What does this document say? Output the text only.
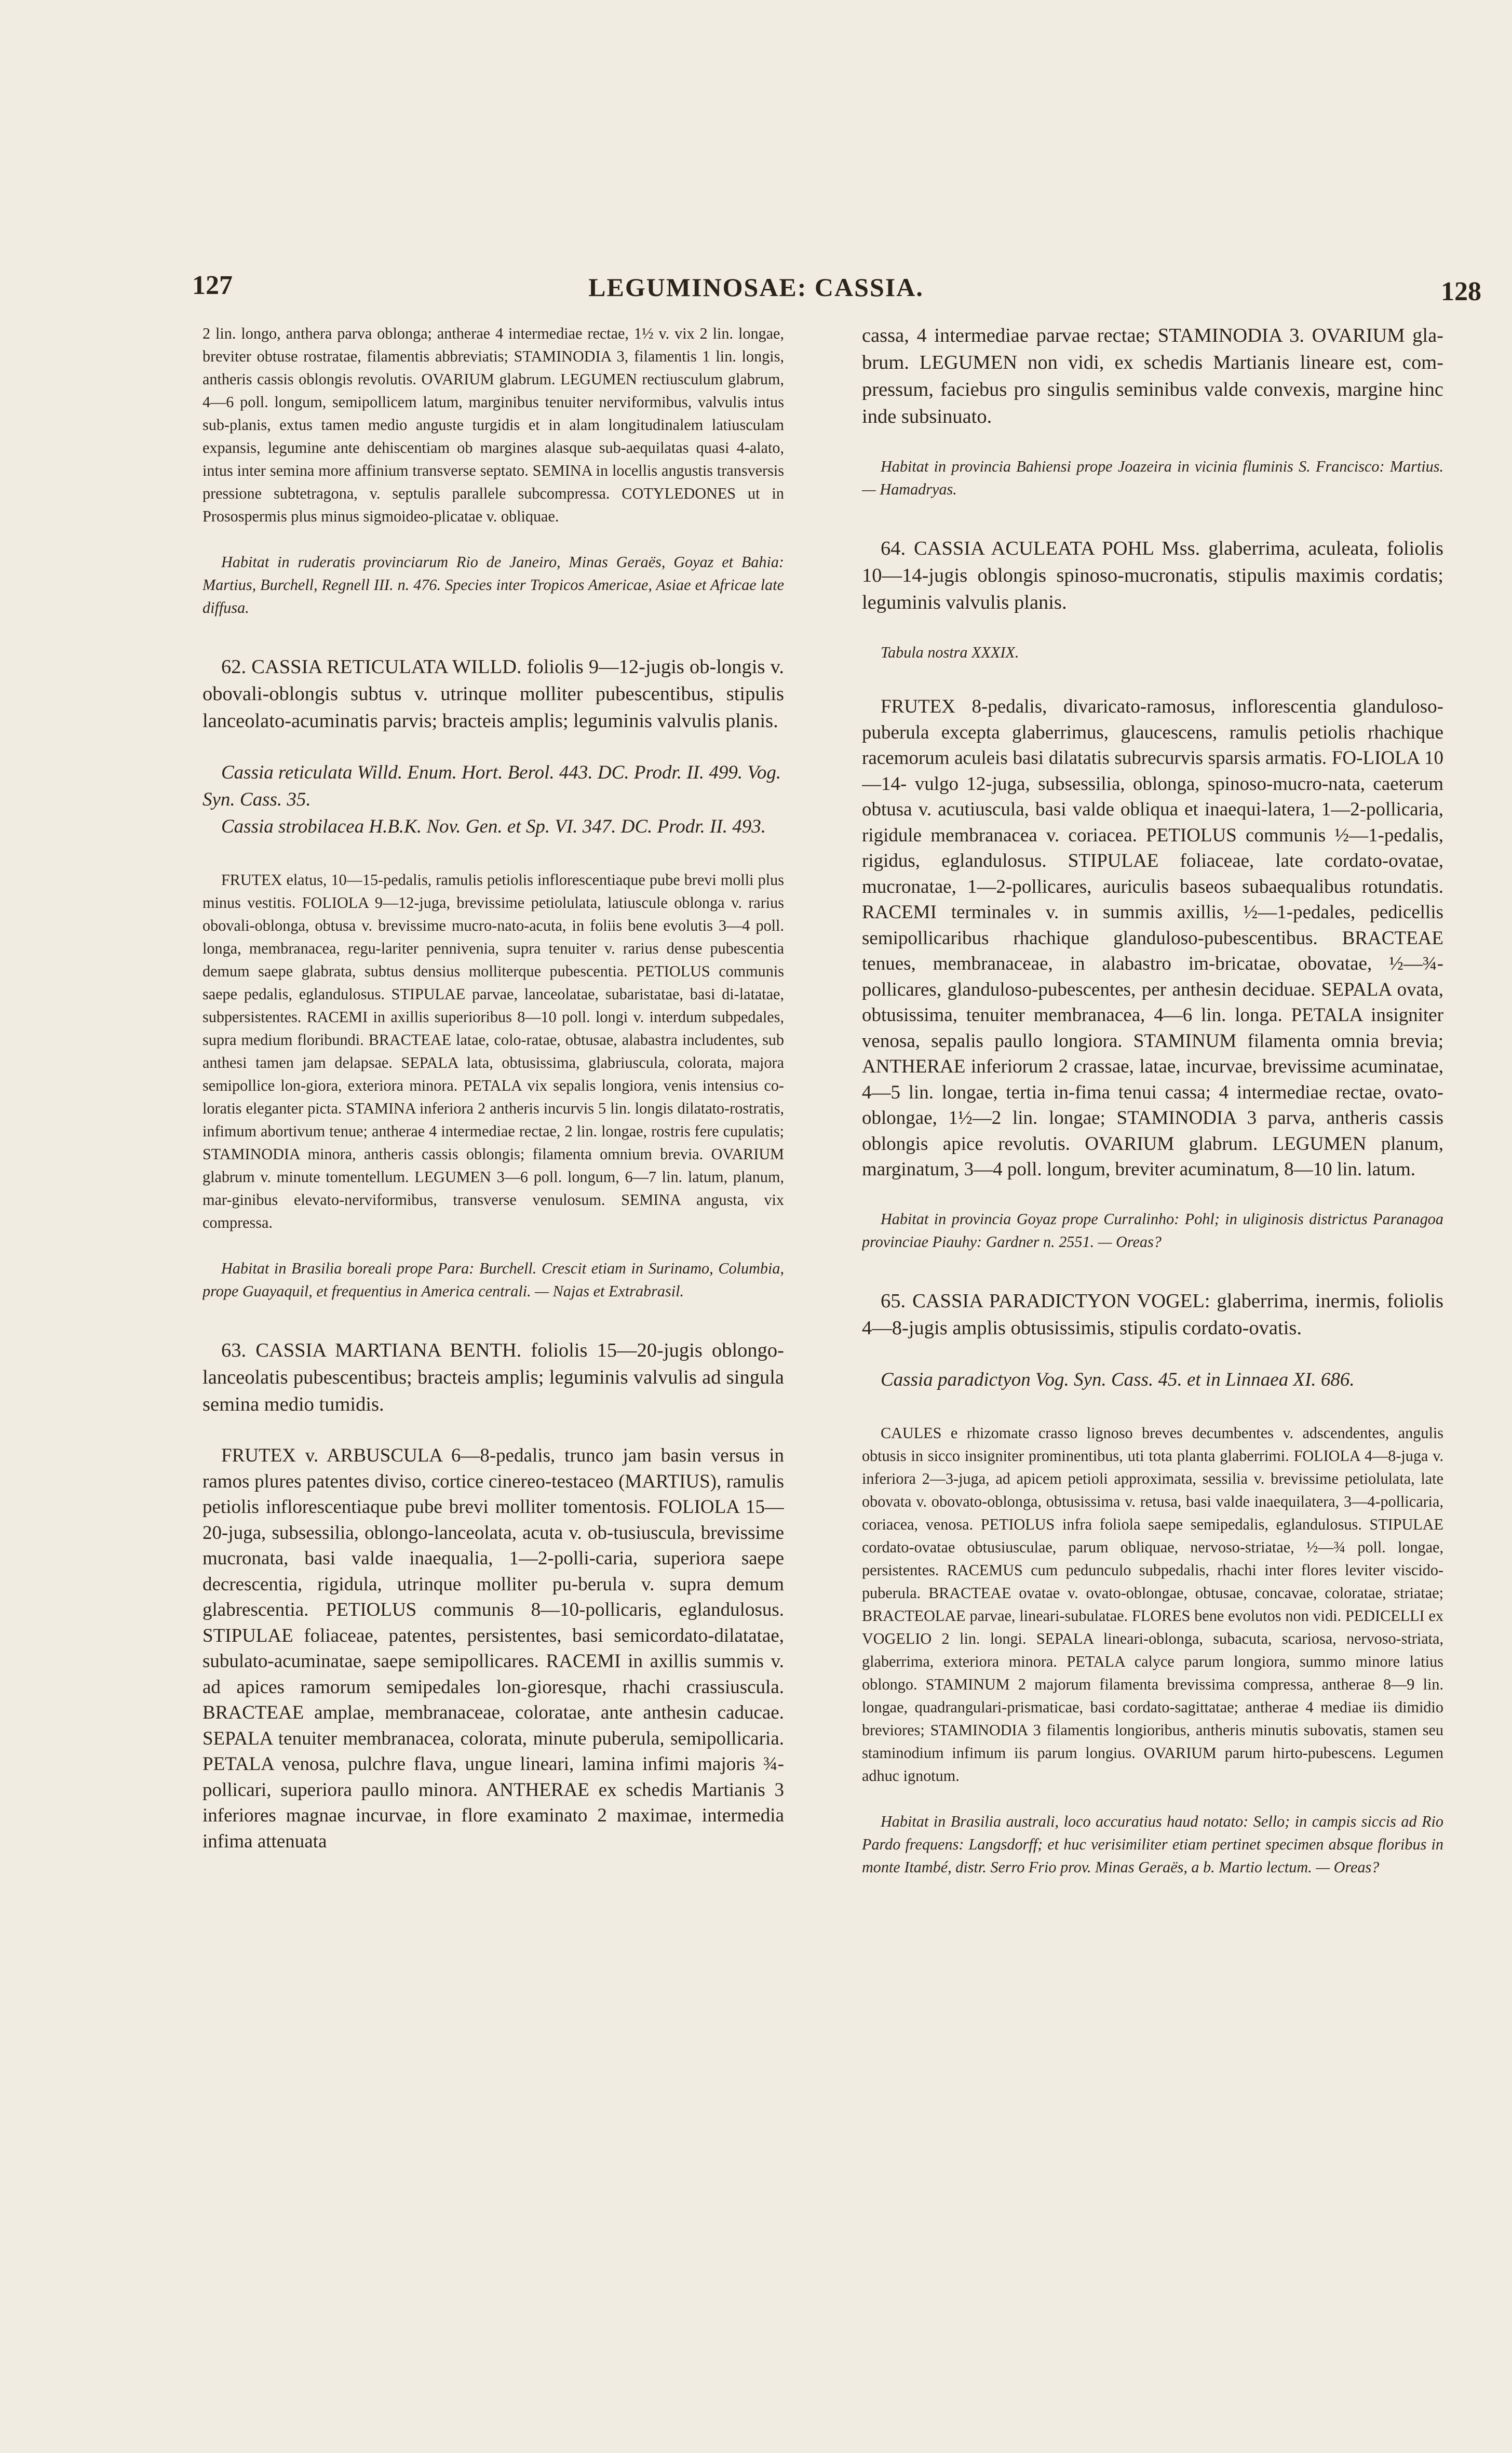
127	LEGUMINOSAE: CASSIA.	128

2 lin. longo, anthera parva oblonga; antherae 4 intermediae rectae, 1½ v. vix 2 lin. longae, breviter obtuse rostratae, filamentis abbreviatis; STAMINODIA 3, filamentis 1 lin. longis, antheris cassis oblongis revolutis. OVARIUM glabrum. LEGUMEN rectiusculum glabrum, 4—6 poll. longum, semipollicem latum, marginibus tenuiter nerviformibus, valvulis intus sub-planis, extus tamen medio anguste turgidis et in alam longitudinalem latiusculam expansis, legumine ante dehiscentiam ob margines alasque sub-aequilatas quasi 4-alato, intus inter semina more affinium transverse septato. SEMINA in locellis angustis transversis pressione subtetragona, v. septulis parallele subcompressa. COTYLEDONES ut in Prosospermis plus minus sigmoideo-plicatae v. obliquae.

Habitat in ruderatis provinciarum Rio de Janeiro, Minas Geraës, Goyaz et Bahia: Martius, Burchell, Regnell III. n. 476. Species inter Tropicos Americae, Asiae et Africae late diffusa.

62. CASSIA RETICULATA WILLD. foliolis 9—12-jugis ob-longis v. obovali-oblongis subtus v. utrinque molliter pubescentibus, stipulis lanceolato-acuminatis parvis; bracteis amplis; leguminis valvulis planis.

Cassia reticulata Willd. Enum. Hort. Berol. 443. DC. Prodr. II. 499. Vog. Syn. Cass. 35.
Cassia strobilacea H.B.K. Nov. Gen. et Sp. VI. 347. DC. Prodr. II. 493.

FRUTEX elatus, 10—15-pedalis, ramulis petiolis inflorescentiaque pube brevi molli plus minus vestitis. FOLIOLA 9—12-juga, brevissime petiolulata, latiuscule oblonga v. rarius obovali-oblonga, obtusa v. brevissime mucro-nato-acuta, in foliis bene evolutis 3—4 poll. longa, membranacea, regu-lariter pennivenia, supra tenuiter v. rarius dense pubescentia demum saepe glabrata, subtus densius molliterque pubescentia. PETIOLUS communis saepe pedalis, eglandulosus. STIPULAE parvae, lanceolatae, subaristatae, basi di-latatae, subpersistentes. RACEMI in axillis superioribus 8—10 poll. longi v. interdum subpedales, supra medium floribundi. BRACTEAE latae, colo-ratae, obtusae, alabastra includentes, sub anthesi tamen jam delapsae. SEPALA lata, obtusissima, glabriuscula, colorata, majora semipollice lon-giora, exteriora minora. PETALA vix sepalis longiora, venis intensius co-loratis eleganter picta. STAMINA inferiora 2 antheris incurvis 5 lin. longis dilatato-rostratis, infimum abortivum tenue; antherae 4 intermediae rectae, 2 lin. longae, rostris fere cupulatis; STAMINODIA minora, antheris cassis oblongis; filamenta omnium brevia. OVARIUM glabrum v. minute tomentellum. LEGUMEN 3—6 poll. longum, 6—7 lin. latum, planum, mar-ginibus elevato-nerviformibus, transverse venulosum. SEMINA angusta, vix compressa.

Habitat in Brasilia boreali prope Para: Burchell. Crescit etiam in Surinamo, Columbia, prope Guayaquil, et frequentius in America centrali. — Najas et Extrabrasil.

63. CASSIA MARTIANA BENTH. foliolis 15—20-jugis oblongo-lanceolatis pubescentibus; bracteis amplis; leguminis valvulis ad singula semina medio tumidis.

FRUTEX v. ARBUSCULA 6—8-pedalis, trunco jam basin versus in ramos plures patentes diviso, cortice cinereo-testaceo (MARTIUS), ramulis petiolis inflorescentiaque pube brevi molliter tomentosis. FOLIOLA 15—20-juga, subsessilia, oblongo-lanceolata, acuta v. ob-tusiuscula, brevissime mucronata, basi valde inaequalia, 1—2-polli-caria, superiora saepe decrescentia, rigidula, utrinque molliter pu-berula v. supra demum glabrescentia. PETIOLUS communis 8—10-pollicaris, eglandulosus. STIPULAE foliaceae, patentes, persistentes, basi semicordato-dilatatae, subulato-acuminatae, saepe semipollicares. RACEMI in axillis summis v. ad apices ramorum semipedales lon-gioresque, rhachi crassiuscula. BRACTEAE amplae, membranaceae, coloratae, ante anthesin caducae. SEPALA tenuiter membranacea, colorata, minute puberula, semipollicaria. PETALA venosa, pulchre flava, ungue lineari, lamina infimi majoris ¾-pollicari, superiora paullo minora. ANTHERAE ex schedis Martianis 3 inferiores magnae incurvae, in flore examinato 2 maximae, intermedia infima attenuata

cassa, 4 intermediae parvae rectae; STAMINODIA 3. OVARIUM gla-brum. LEGUMEN non vidi, ex schedis Martianis lineare est, com-pressum, faciebus pro singulis seminibus valde convexis, margine hinc inde subsinuato.

Habitat in provincia Bahiensi prope Joazeira in vicinia fluminis S. Francisco: Martius. — Hamadryas.

64. CASSIA ACULEATA POHL Mss. glaberrima, aculeata, foliolis 10—14-jugis oblongis spinoso-mucronatis, stipulis maximis cordatis; leguminis valvulis planis.

Tabula nostra XXXIX.

FRUTEX 8-pedalis, divaricato-ramosus, inflorescentia glanduloso-puberula excepta glaberrimus, glaucescens, ramulis petiolis rhachique racemorum aculeis basi dilatatis subrecurvis sparsis armatis. FO-LIOLA 10—14- vulgo 12-juga, subsessilia, oblonga, spinoso-mucro-nata, caeterum obtusa v. acutiuscula, basi valde obliqua et inaequi-latera, 1—2-pollicaria, rigidule membranacea v. coriacea. PETIOLUS communis ½—1-pedalis, rigidus, eglandulosus. STIPULAE foliaceae, late cordato-ovatae, mucronatae, 1—2-pollicares, auriculis baseos subaequalibus rotundatis. RACEMI terminales v. in summis axillis, ½—1-pedales, pedicellis semipollicaribus rhachique glanduloso-pubescentibus. BRACTEAE tenues, membranaceae, in alabastro im-bricatae, obovatae, ½—¾-pollicares, glanduloso-pubescentes, per anthesin deciduae. SEPALA ovata, obtusissima, tenuiter membranacea, 4—6 lin. longa. PETALA insigniter venosa, sepalis paullo longiora. STAMINUM filamenta omnia brevia; ANTHERAE inferiorum 2 crassae, latae, incurvae, brevissime acuminatae, 4—5 lin. longae, tertia in-fima tenui cassa; 4 intermediae rectae, ovato-oblongae, 1½—2 lin. longae; STAMINODIA 3 parva, antheris cassis oblongis apice revolutis. OVARIUM glabrum. LEGUMEN planum, marginatum, 3—4 poll. longum, breviter acuminatum, 8—10 lin. latum.

Habitat in provincia Goyaz prope Curralinho: Pohl; in uliginosis districtus Paranagoa provinciae Piauhy: Gardner n. 2551. — Oreas?

65. CASSIA PARADICTYON VOGEL: glaberrima, inermis, foliolis 4—8-jugis amplis obtusissimis, stipulis cordato-ovatis.

Cassia paradictyon Vog. Syn. Cass. 45. et in Linnaea XI. 686.

CAULES e rhizomate crasso lignoso breves decumbentes v. adscendentes, angulis obtusis in sicco insigniter prominentibus, uti tota planta glaberrimi. FOLIOLA 4—8-juga v. inferiora 2—3-juga, ad apicem petioli approximata, sessilia v. brevissime petiolulata, late obovata v. obovato-oblonga, obtusissima v. retusa, basi valde inaequilatera, 3—4-pollicaria, coriacea, venosa. PETIOLUS infra foliola saepe semipedalis, eglandulosus. STIPULAE cordato-ovatae obtusiusculae, parum obliquae, nervoso-striatae, ½—¾ poll. longae, persistentes. RACEMUS cum pedunculo subpedalis, rhachi inter flores leviter viscido-puberula. BRACTEAE ovatae v. ovato-oblongae, obtusae, concavae, coloratae, striatae; BRACTEOLAE parvae, lineari-subulatae. FLORES bene evolutos non vidi. PEDICELLI ex VOGELIO 2 lin. longi. SEPALA lineari-oblonga, subacuta, scariosa, nervoso-striata, glaberrima, exteriora minora. PETALA calyce parum longiora, summo minore latius oblongo. STAMINUM 2 majorum filamenta brevissima compressa, antherae 8—9 lin. longae, quadrangulari-prismaticae, basi cordato-sagittatae; antherae 4 mediae iis dimidio breviores; STAMINODIA 3 filamentis longioribus, antheris minutis subovatis, stamen seu staminodium infimum iis parum longius. OVARIUM parum hirto-pubescens. Legumen adhuc ignotum.

Habitat in Brasilia australi, loco accuratius haud notato: Sello; in campis siccis ad Rio Pardo frequens: Langsdorff; et huc verisimiliter etiam pertinet specimen absque floribus in monte Itambé, distr. Serro Frio prov. Minas Geraës, a b. Martio lectum. — Oreas?
